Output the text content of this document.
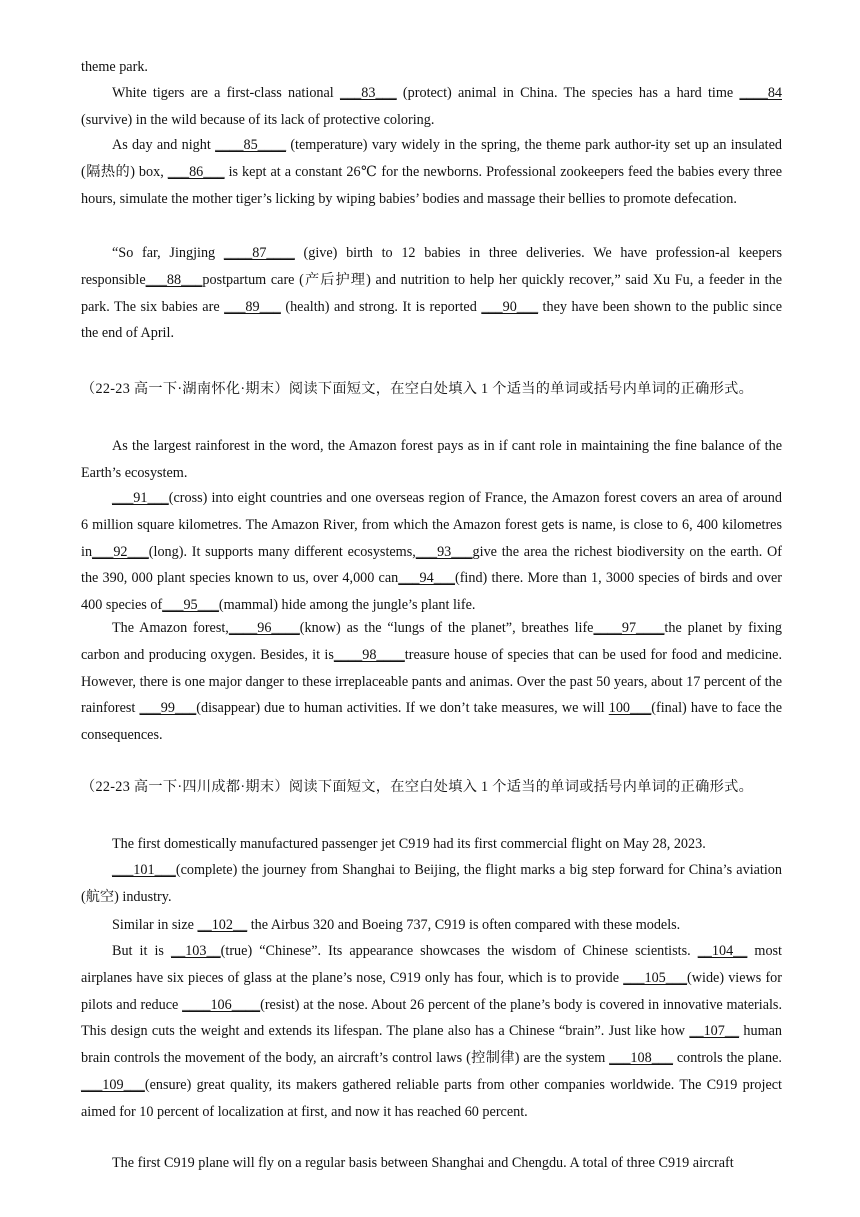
theme park.

White tigers are a first-class national ___83___ (protect) animal in China. The species has a hard time ____84 (survive) in the wild because of its lack of protective coloring.

As day and night ____85____ (temperature) vary widely in the spring, the theme park author-ity set up an insulated (隔热的) box, ___86___ is kept at a constant 26℃ for the newborns. Professional zookeepers feed the babies every three hours, simulate the mother tiger’s licking by wiping babies’ bodies and massage their bellies to promote defecation.

“So far, Jingjing ____87____ (give) birth to 12 babies in three deliveries. We have profession-al keepers responsible___88___postpartum care (产后护理) and nutrition to help her quickly recover,” said Xu Fu, a feeder in the park. The six babies are ___89___ (health) and strong. It is reported ___90___ they have been shown to the public since the end of April.

（22-23 高一下·湖南怀化·期末）阅读下面短文，在空白处填入 1 个适当的单词或括号内单词的正确形式。

As the largest rainforest in the word, the Amazon forest pays as in if cant role in maintaining the fine balance of the Earth’s ecosystem.

___91___(cross) into eight countries and one overseas region of France, the Amazon forest covers an area of around 6 million square kilometres. The Amazon River, from which the Amazon forest gets is name, is close to 6, 400 kilometres in___92___(long). It supports many different ecosystems,___93___give the area the richest biodiversity on the earth. Of the 390, 000 plant species known to us, over 4,000 can___94___(find) there. More than 1, 3000 species of birds and over 400 species of___95___(mammal) hide among the jungle’s plant life.

The Amazon forest,____96____(know) as the “lungs of the planet”, breathes life____97____the planet by fixing carbon and producing oxygen. Besides, it is____98____treasure house of species that can be used for food and medicine. However, there is one major danger to these irreplaceable pants and animas. Over the past 50 years, about 17 percent of the rainforest ___99___(disappear) due to human activities. If we don’t take measures, we will 100___(final) have to face the consequences.

（22-23 高一下·四川成都·期末）阅读下面短文，在空白处填入 1 个适当的单词或括号内单词的正确形式。

The first domestically manufactured passenger jet C919 had its first commercial flight on May 28, 2023.

___101___(complete) the journey from Shanghai to Beijing, the flight marks a big step forward for China’s aviation (航空) industry.

Similar in size __102__ the Airbus 320 and Boeing 737, C919 is often compared with these models.

But it is __103__(true) “Chinese”. Its appearance showcases the wisdom of Chinese scientists. __104__ most airplanes have six pieces of glass at the plane’s nose, C919 only has four, which is to provide ___105___(wide) views for pilots and reduce ____106____(resist) at the nose. About 26 percent of the plane’s body is covered in innovative materials. This design cuts the weight and extends its lifespan. The plane also has a Chinese “brain”. Just like how __107__ human brain controls the movement of the body, an aircraft’s control laws (控制律) are the system ___108___ controls the plane. ___109___(ensure) great quality, its makers gathered reliable parts from other companies worldwide. The C919 project aimed for 10 percent of localization at first, and now it has reached 60 percent.

The first C919 plane will fly on a regular basis between Shanghai and Chengdu. A total of three C919 aircraft
